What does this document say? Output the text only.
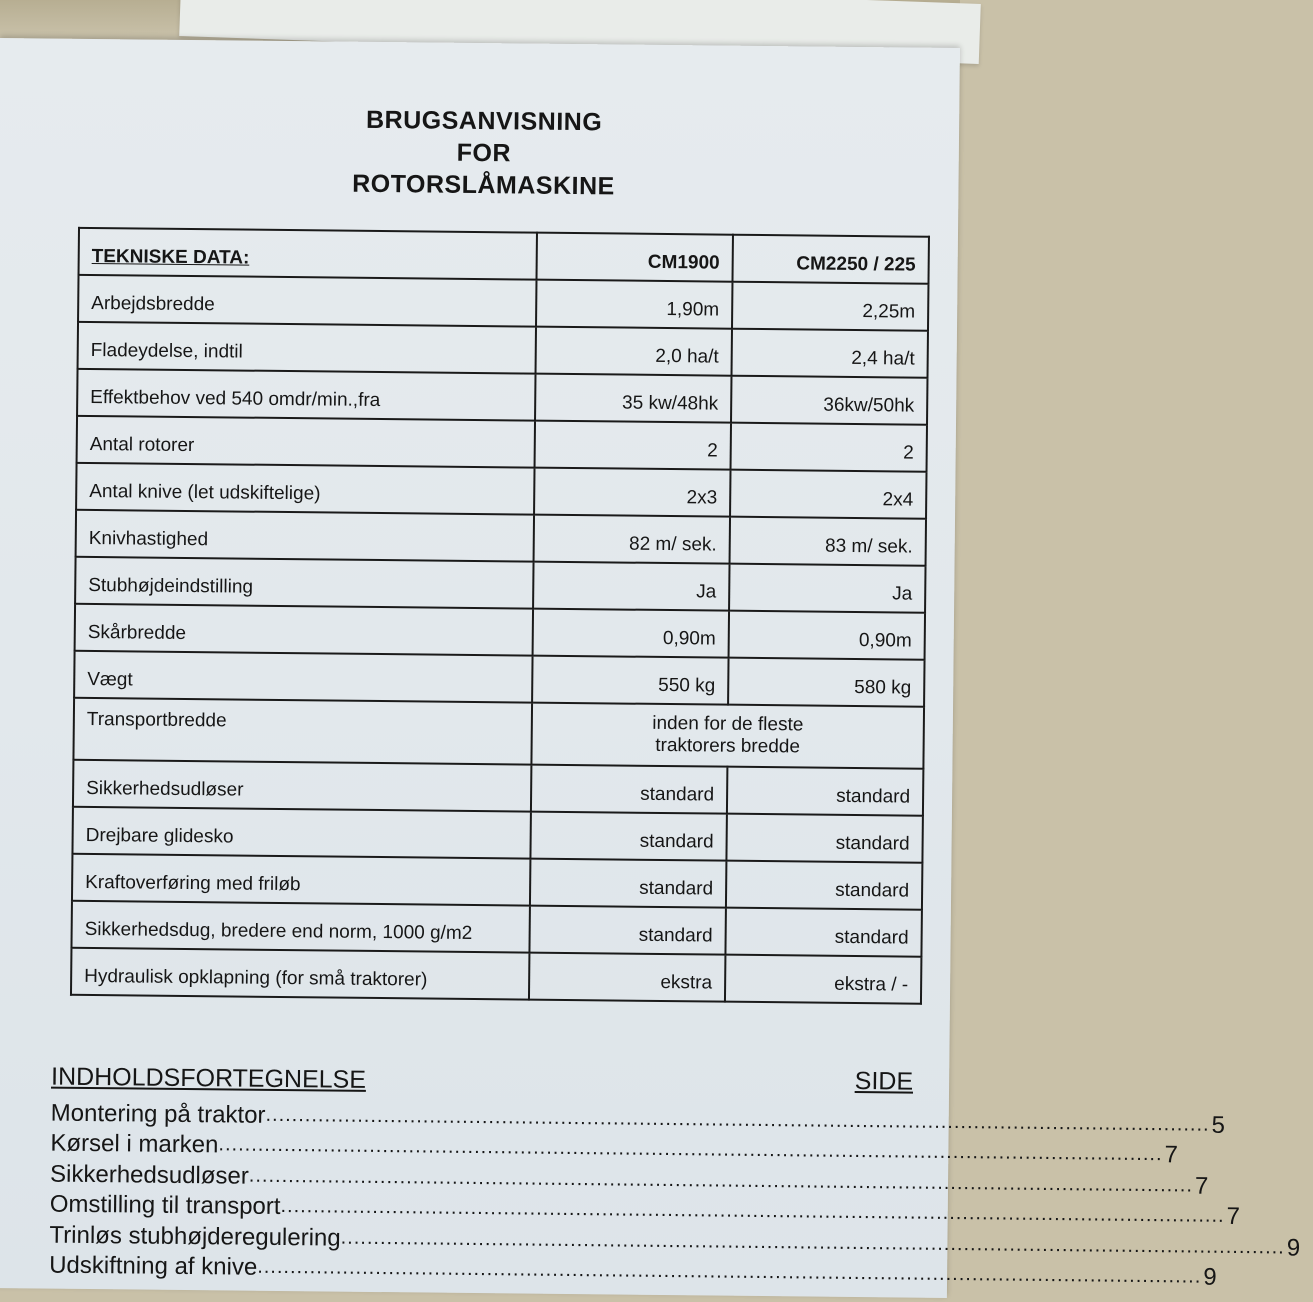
BRUGSANVISNING
FOR
ROTORSLÅMASKINE
TEKNISKE DATA:	CM1900	CM2250 / 225
Arbejdsbredde	1,90m	2,25m
Fladeydelse, indtil	2,0 ha/t	2,4 ha/t
Effektbehov ved 540 omdr/min.,fra	35 kw/48hk	36kw/50hk
Antal rotorer	2	2
Antal knive (let udskiftelige)	2x3	2x4
Knivhastighed	82 m/ sek.	83 m/ sek.
Stubhøjdeindstilling	Ja	Ja
Skårbredde	0,90m	0,90m
Vægt	550 kg	580 kg
Transportbredde	inden for de fleste
traktorers bredde	

Sikkerhedsudløser	standard	standard
Drejbare glidesko	standard	standard
Kraftoverføring med friløb	standard	standard
Sikkerhedsdug, bredere end norm, 1000 g/m2	standard	standard
Hydraulisk opklapning (for små traktorer)	ekstra	ekstra / -
INDHOLDSFORTEGNELSE	SIDE
Montering på traktor ................................................................................................................................................ 5
Kørsel i marken ................................................................................................................................................ 7
Sikkerhedsudløser ................................................................................................................................................ 7
Omstilling til transport ................................................................................................................................................ 7
Trinløs stubhøjderegulering ................................................................................................................................................ 9
Udskiftning af knive ................................................................................................................................................ 9
